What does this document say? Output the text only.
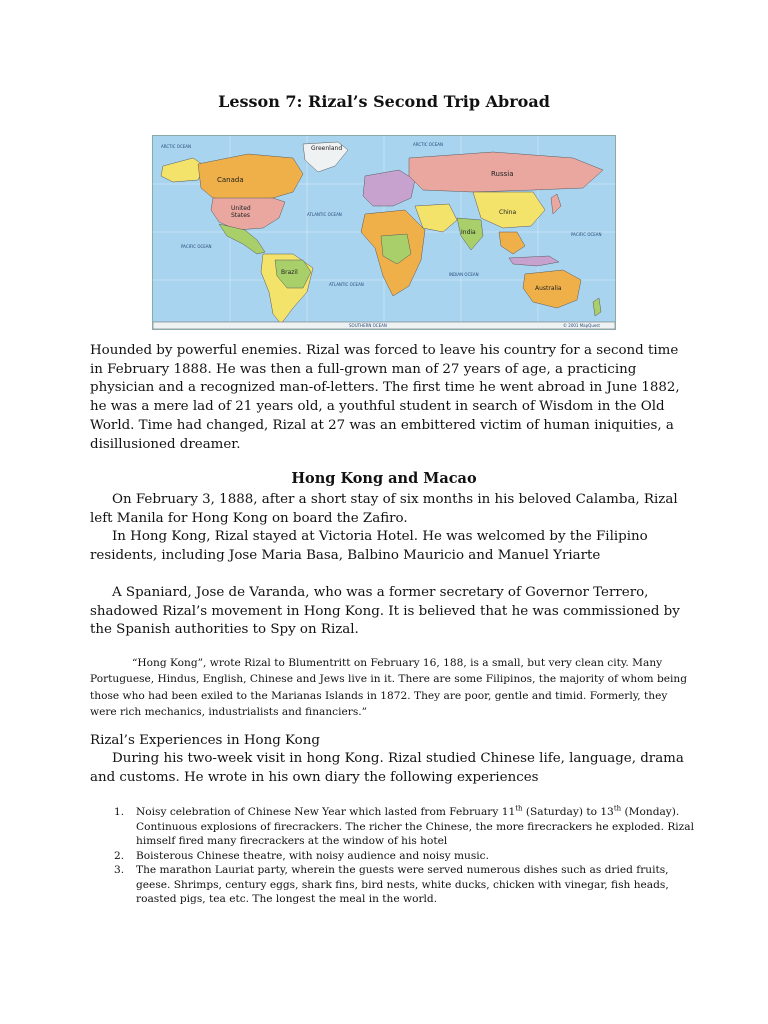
Lesson 7: Rizal’s Second Trip Abroad
ARCTIC OCEAN	ARCTIC OCEAN
Greenland
Canada
United
States	ATLANTIC OCEAN
PACIFIC OCEAN
PACIFIC OCEAN
Brazil
ATLANTIC OCEAN
Russia
China
India
INDIAN OCEAN
Australia
SOUTHERN OCEAN	© 2001 MapQuest

Hounded by powerful enemies. Rizal was forced to leave his country for a second time in February 1888. He was then a full-grown man of 27 years of age, a practicing physician and a recognized man-of-letters. The first time he went abroad in June 1882, he was a mere lad of 21 years old, a youthful student in search of Wisdom in the Old World. Time had changed, Rizal at 27 was an embittered victim of human iniquities, a disillusioned dreamer.

Hong Kong and Macao

On February 3, 1888, after a short stay of six months in his beloved Calamba, Rizal left Manila for Hong Kong on board the Zafiro.

In Hong Kong, Rizal stayed at Victoria Hotel. He was welcomed by the Filipino residents, including Jose Maria Basa, Balbino Mauricio and Manuel Yriarte

A Spaniard, Jose de Varanda, who was a former secretary of Governor Terrero, shadowed Rizal’s movement in Hong Kong. It is believed that he was commissioned by the Spanish authorities to Spy on Rizal.

“Hong Kong”, wrote Rizal to Blumentritt on February 16, 188, is a small, but very clean city. Many Portuguese, Hindus, English, Chinese and Jews live in it. There are some Filipinos, the majority of whom being those who had been exiled to the Marianas Islands in 1872. They are poor, gentle and timid. Formerly, they were rich mechanics, industrialists and financiers.”

Rizal’s Experiences in Hong Kong

During his two-week visit in hong Kong. Rizal studied Chinese life, language, drama and customs. He wrote in his own diary the following experiences

1. Noisy celebration of Chinese New Year which lasted from February 11th (Saturday) to 13th (Monday). Continuous explosions of firecrackers. The richer the Chinese, the more firecrackers he exploded. Rizal himself fired many firecrackers at the window of his hotel
2. Boisterous Chinese theatre, with noisy audience and noisy music.
3. The marathon Lauriat party, wherein the guests were served numerous dishes such as dried fruits, geese. Shrimps, century eggs, shark fins, bird nests, white ducks, chicken with vinegar, fish heads, roasted pigs, tea etc. The longest the meal in the world.
